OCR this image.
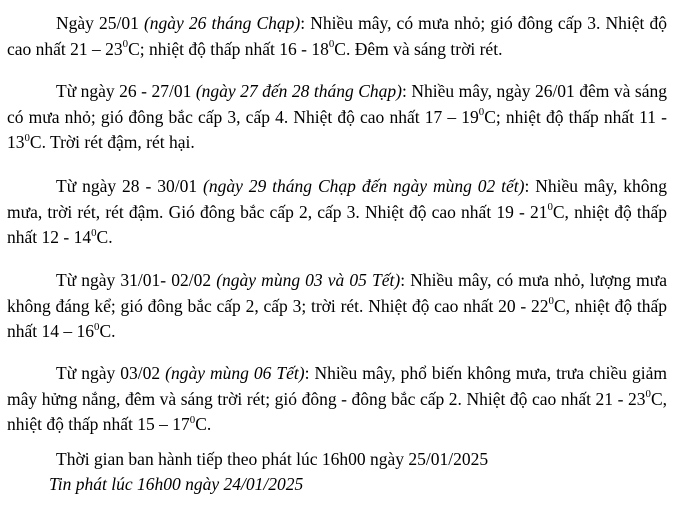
Ngày 25/01 (ngày 26 tháng Chạp): Nhiều mây, có mưa nhỏ; gió đông cấp 3. Nhiệt độ cao nhất $21 - 23^0C$; nhiệt độ thấp nhất $16 - 18^0C$. Đêm và sáng trời rét.

Từ ngày 26 - 27/01 (ngày 27 đến 28 tháng Chạp): Nhiều mây, ngày 26/01 đêm và sáng có mưa nhỏ; gió đông bắc cấp 3, cấp 4. Nhiệt độ cao nhất $17 - 19^0C$; nhiệt độ thấp nhất $11 - 13^0C$. Trời rét đậm, rét hại.

Từ ngày 28 - 30/01 (ngày 29 tháng Chạp đến ngày mùng 02 tết): Nhiều mây, không mưa, trời rét, rét đậm. Gió đông bắc cấp 2, cấp 3. Nhiệt độ cao nhất $19 - 21^0C$, nhiệt độ thấp nhất $12 - 14^0C$.

Từ ngày 31/01- 02/02 (ngày mùng 03 và 05 Tết): Nhiều mây, có mưa nhỏ, lượng mưa không đáng kể; gió đông bắc cấp 2, cấp 3; trời rét. Nhiệt độ cao nhất $20 - 22^0C$, nhiệt độ thấp nhất $14 - 16^0C$.

Từ ngày 03/02 (ngày mùng 06 Tết): Nhiều mây, phổ biến không mưa, trưa chiều giảm mây hửng nắng, đêm và sáng trời rét; gió đông - đông bắc cấp 2. Nhiệt độ cao nhất $21 - 23^0C$, nhiệt độ thấp nhất $15 - 17^0C$.

Thời gian ban hành tiếp theo phát lúc 16h00 ngày 25/01/2025

Tin phát lúc 16h00 ngày 24/01/2025
